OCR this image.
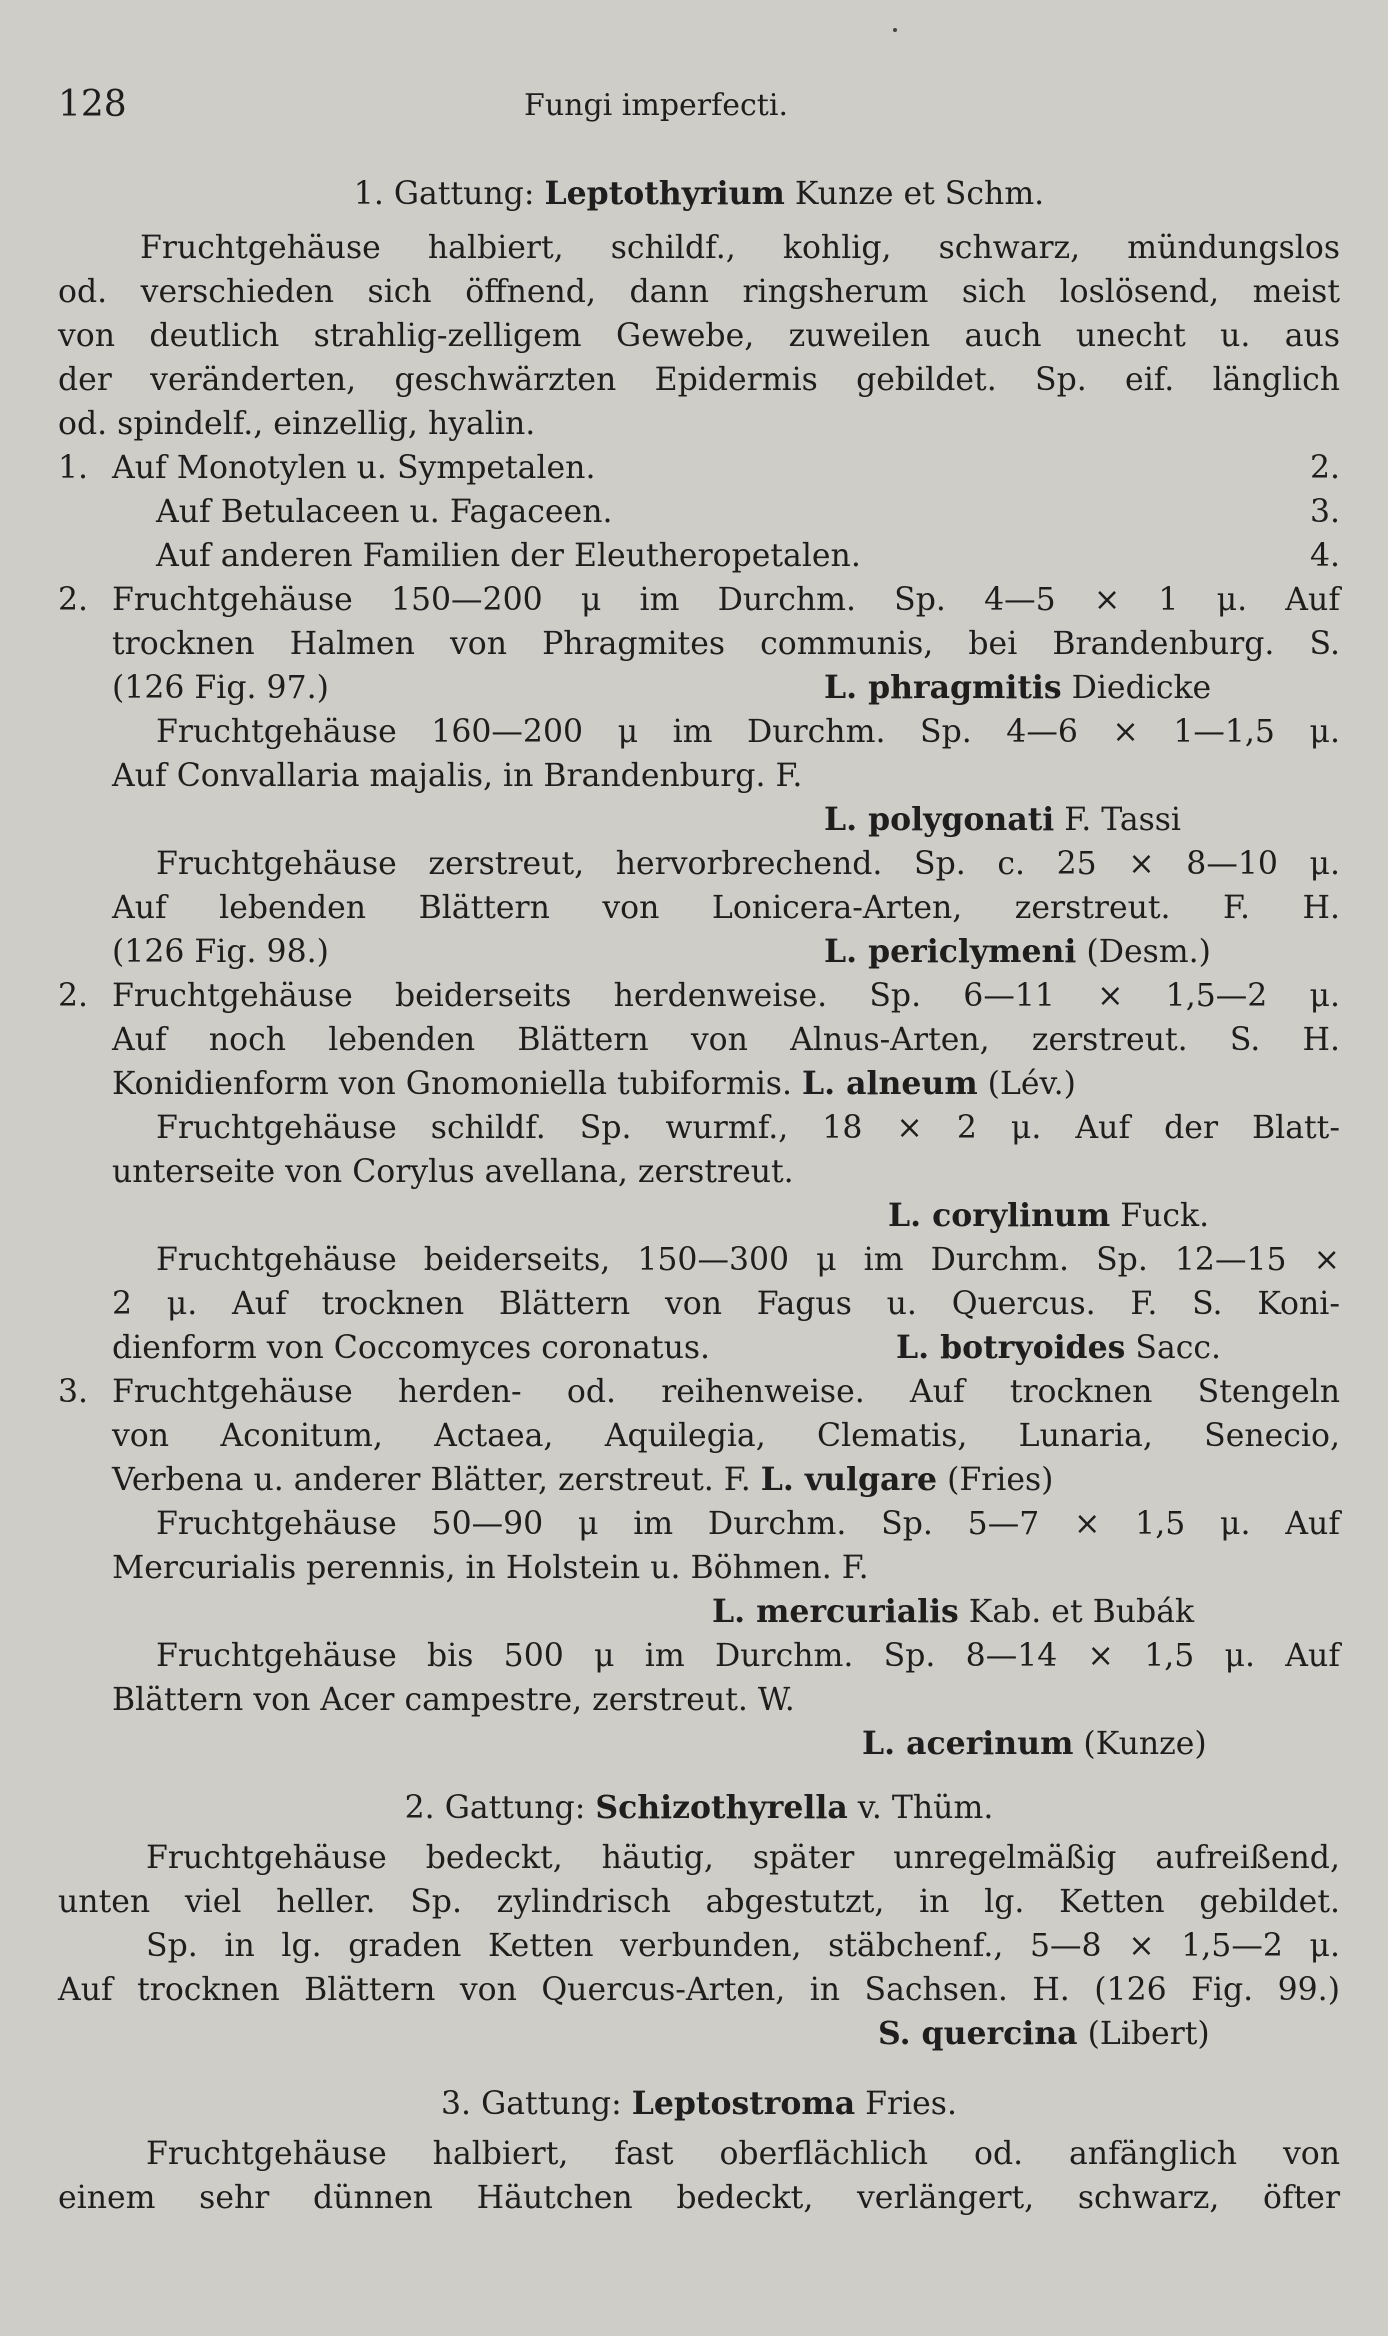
128	Fungi imperfecti.
1. Gattung: Leptothyrium Kunze et Schm.
Fruchtgehäuse halbiert, schildf., kohlig, schwarz, mündungslos
od. verschieden sich öffnend, dann ringsherum sich loslösend, meist
von deutlich strahlig-zelligem Gewebe, zuweilen auch unecht u. aus
der veränderten, geschwärzten Epidermis gebildet. Sp. eif. länglich
od. spindelf., einzellig, hyalin.
1. Auf Monotylen u. Sympetalen.	2.
Auf Betulaceen u. Fagaceen.	3.
Auf anderen Familien der Eleutheropetalen.	4.
2. Fruchtgehäuse 150—200 μ im Durchm. Sp. 4—5 × 1 μ. Auf
trocknen Halmen von Phragmites communis, bei Brandenburg. S.
(126 Fig. 97.)	L. phragmitis Diedicke
Fruchtgehäuse 160—200 μ im Durchm. Sp. 4—6 × 1—1,5 μ.
Auf Convallaria majalis, in Brandenburg. F.
L. polygonati F. Tassi
Fruchtgehäuse zerstreut, hervorbrechend. Sp. c. 25 × 8—10 μ.
Auf lebenden Blättern von Lonicera-Arten, zerstreut. F. H.
(126 Fig. 98.)	L. periclymeni (Desm.)
2. Fruchtgehäuse beiderseits herdenweise. Sp. 6—11 × 1,5—2 μ.
Auf noch lebenden Blättern von Alnus-Arten, zerstreut. S. H.
Konidienform von Gnomoniella tubiformis. L. alneum (Lév.)
Fruchtgehäuse schildf. Sp. wurmf., 18 × 2 μ. Auf der Blatt-
unterseite von Corylus avellana, zerstreut.
L. corylinum Fuck.
Fruchtgehäuse beiderseits, 150—300 μ im Durchm. Sp. 12—15 ×
2 μ. Auf trocknen Blättern von Fagus u. Quercus. F. S. Koni-
dienform von Coccomyces coronatus.	L. botryoides Sacc.
3. Fruchtgehäuse herden- od. reihenweise. Auf trocknen Stengeln
von Aconitum, Actaea, Aquilegia, Clematis, Lunaria, Senecio,
Verbena u. anderer Blätter, zerstreut. F. L. vulgare (Fries)
Fruchtgehäuse 50—90 μ im Durchm. Sp. 5—7 × 1,5 μ. Auf
Mercurialis perennis, in Holstein u. Böhmen. F.
L. mercurialis Kab. et Bubák
Fruchtgehäuse bis 500 μ im Durchm. Sp. 8—14 × 1,5 μ. Auf
Blättern von Acer campestre, zerstreut. W.
L. acerinum (Kunze)
2. Gattung: Schizothyrella v. Thüm.
Fruchtgehäuse bedeckt, häutig, später unregelmäßig aufreißend,
unten viel heller. Sp. zylindrisch abgestutzt, in lg. Ketten gebildet.
Sp. in lg. graden Ketten verbunden, stäbchenf., 5—8 × 1,5—2 μ.
Auf trocknen Blättern von Quercus-Arten, in Sachsen. H. (126 Fig. 99.)
S. quercina (Libert)
3. Gattung: Leptostroma Fries.
Fruchtgehäuse halbiert, fast oberflächlich od. anfänglich von
einem sehr dünnen Häutchen bedeckt, verlängert, schwarz, öfter
